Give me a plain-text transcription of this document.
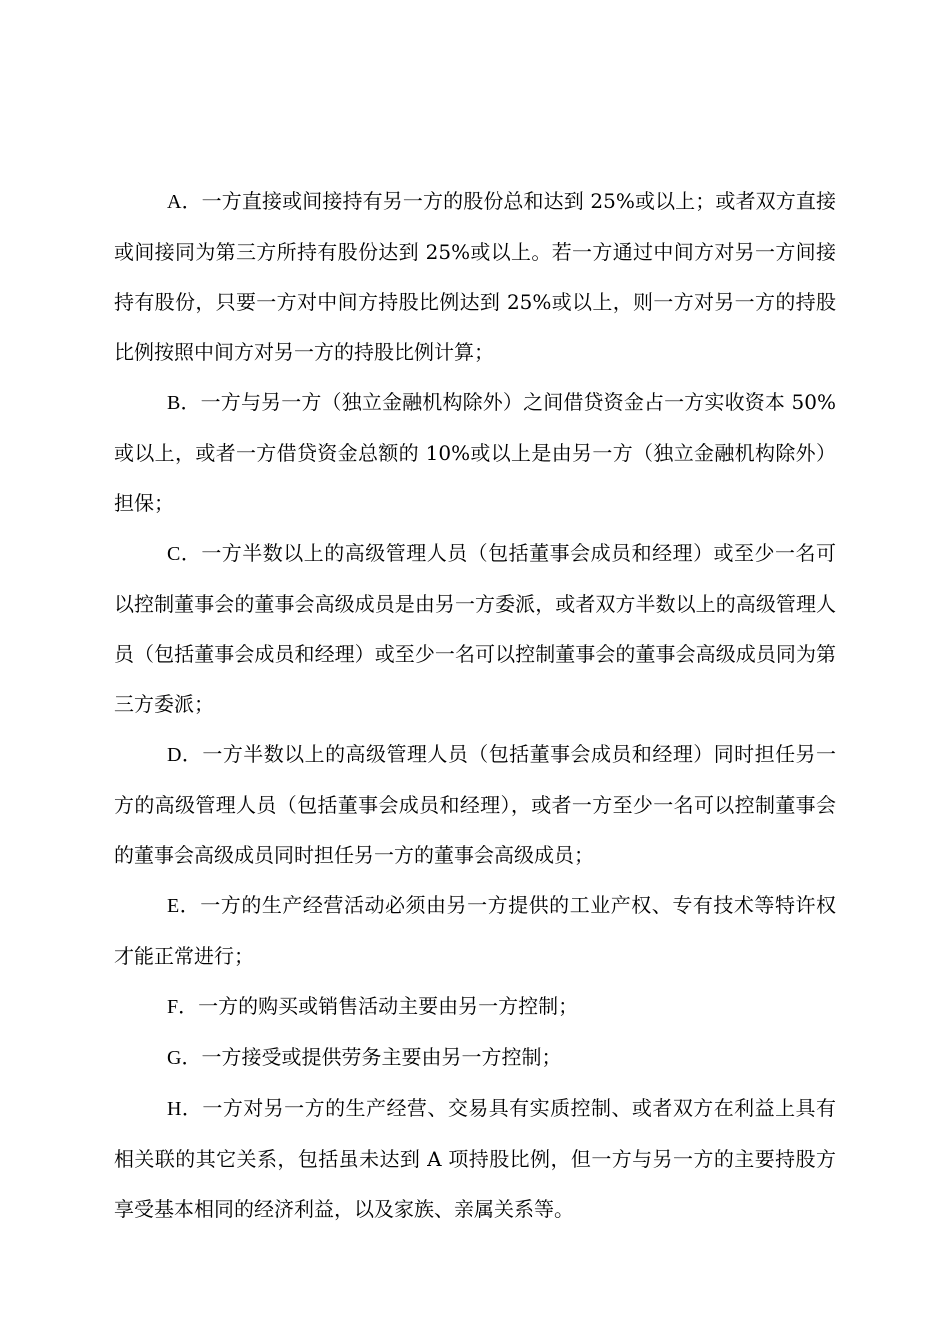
A．一方直接或间接持有另一方的股份总和达到 25%或以上；或者双方直接或间接同为第三方所持有股份达到 25%或以上。若一方通过中间方对另一方间接持有股份，只要一方对中间方持股比例达到 25%或以上，则一方对另一方的持股比例按照中间方对另一方的持股比例计算；

B．一方与另一方（独立金融机构除外）之间借贷资金占一方实收资本 50%或以上，或者一方借贷资金总额的 10%或以上是由另一方（独立金融机构除外）担保；

C．一方半数以上的高级管理人员（包括董事会成员和经理）或至少一名可以控制董事会的董事会高级成员是由另一方委派，或者双方半数以上的高级管理人员（包括董事会成员和经理）或至少一名可以控制董事会的董事会高级成员同为第三方委派；

D．一方半数以上的高级管理人员（包括董事会成员和经理）同时担任另一方的高级管理人员（包括董事会成员和经理），或者一方至少一名可以控制董事会的董事会高级成员同时担任另一方的董事会高级成员；

E．一方的生产经营活动必须由另一方提供的工业产权、专有技术等特许权才能正常进行；

F．一方的购买或销售活动主要由另一方控制；

G．一方接受或提供劳务主要由另一方控制；

H．一方对另一方的生产经营、交易具有实质控制、或者双方在利益上具有相关联的其它关系，包括虽未达到 A 项持股比例，但一方与另一方的主要持股方享受基本相同的经济利益，以及家族、亲属关系等。
